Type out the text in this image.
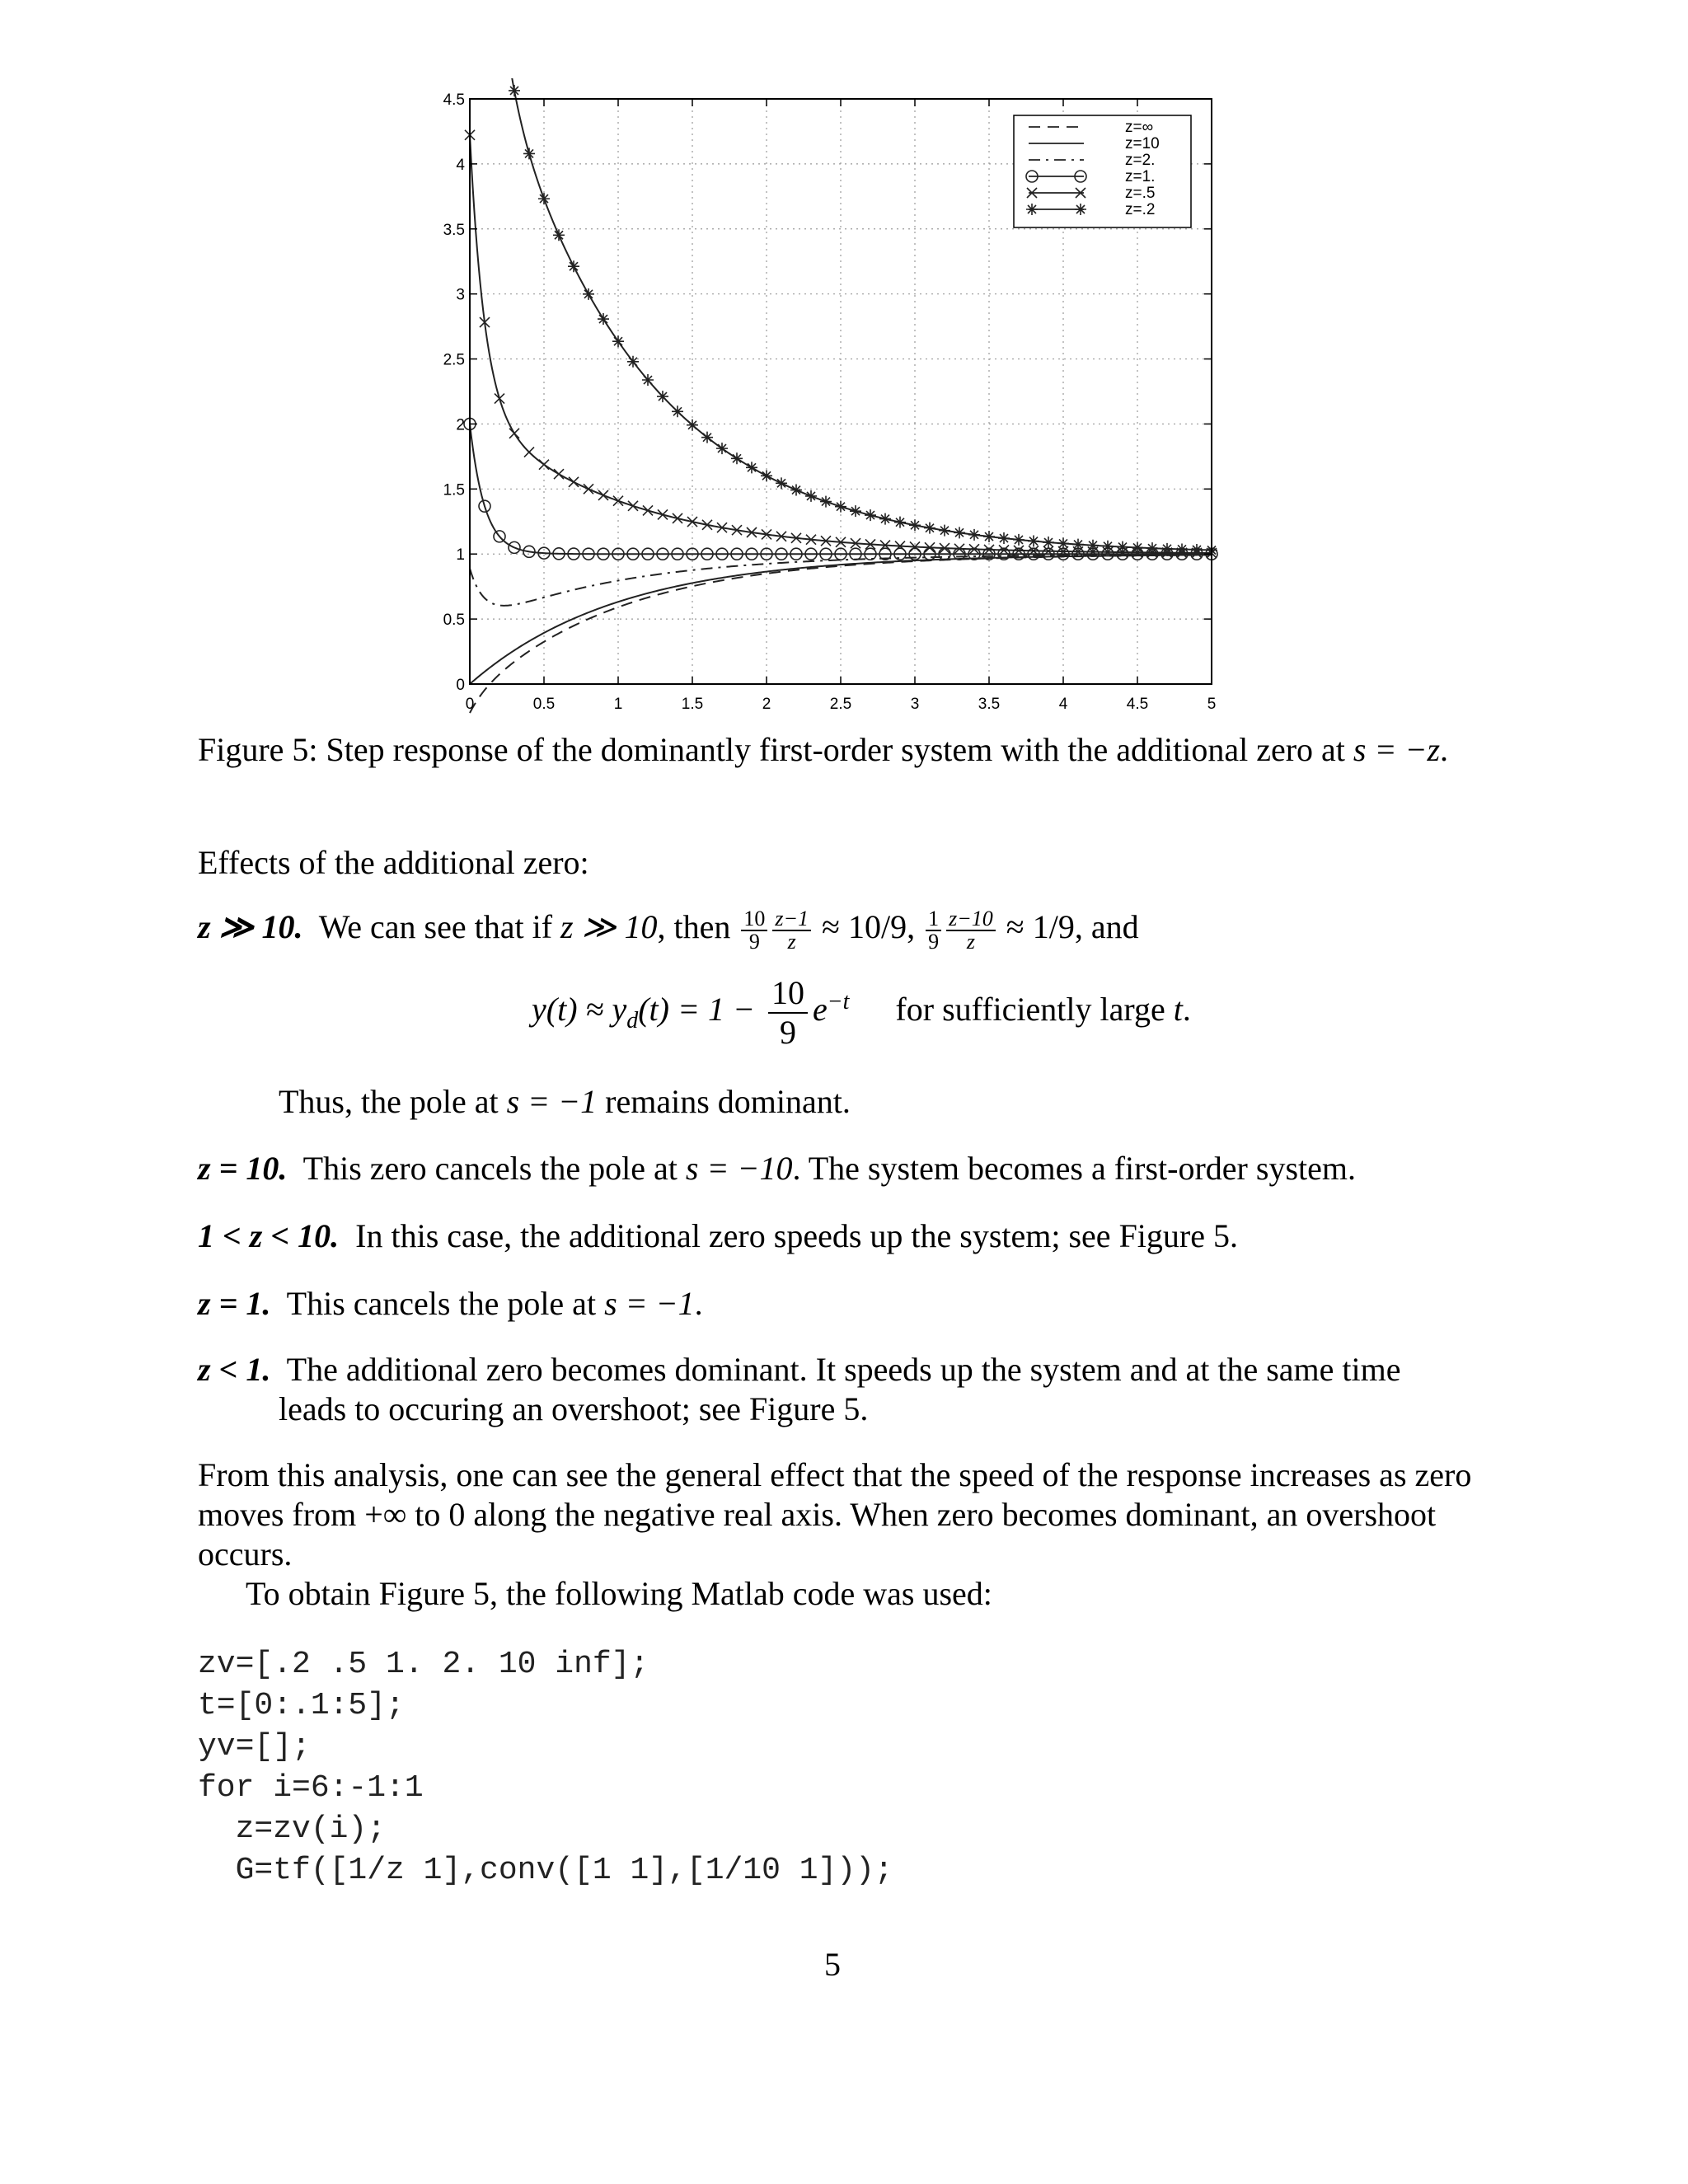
0	0.5	1	1.5	2	2.5	3	3.5	4	4.5	5
0
0.5
1
1.5
2
2.5
3
3.5
4
4.5
z=∞
z=10
z=2.
z=1.
z=.5
z=.2
Figure 5: Step response of the dominantly first-order system with the additional zero at s = −z.
Effects of the additional zero:
z ≫ 10. We can see that if z ≫ 10, then $\frac{10}{9} \frac{z-1}{z} \approx 10/9$, $\frac{1}{9} \frac{z-10}{z} \approx 1/9$, and
$y(t) \approx y_d(t) = 1 - \frac{10}{9} e^{-t}$ for sufficiently large t.
Thus, the pole at s = −1 remains dominant.
z = 10. This zero cancels the pole at s = −10. The system becomes a first-order system.
1 < z < 10. In this case, the additional zero speeds up the system; see Figure 5.
z = 1. This cancels the pole at s = −1.
z < 1. The additional zero becomes dominant. It speeds up the system and at the same time
leads to occuring an overshoot; see Figure 5.
From this analysis, one can see the general effect that the speed of the response increases as zero
moves from +∞ to 0 along the negative real axis. When zero becomes dominant, an overshoot
occurs.
To obtain Figure 5, the following Matlab code was used:
zv=[.2 .5 1. 2. 10 inf];
t=[0:.1:5];
yv=[];
for i=6:-1:1
z=zv(i);
G=tf([1/z 1],conv([1 1],[1/10 1]));
5
